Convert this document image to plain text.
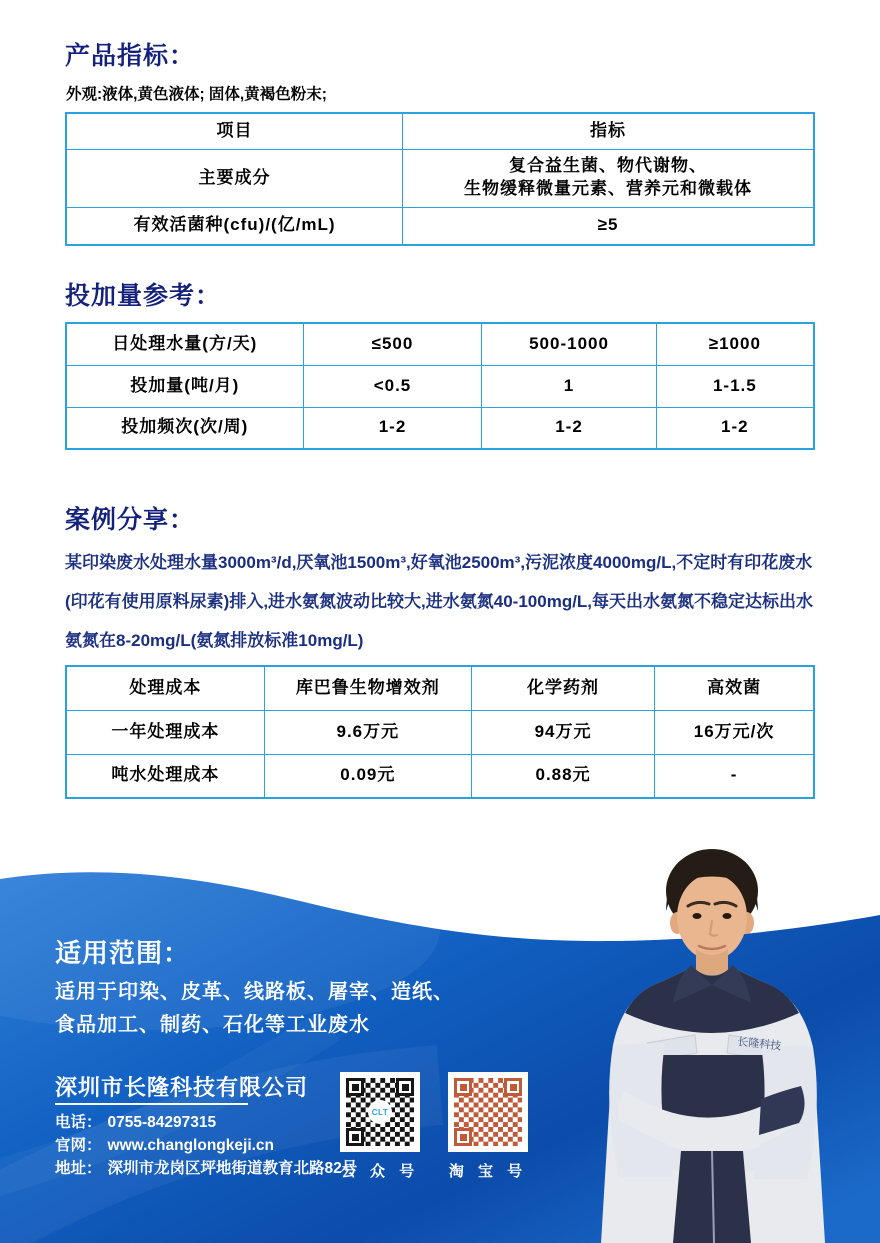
产品指标：
外观:液体,黄色液体; 固体,黄褐色粉末;
项目	指标
主要成分	复合益生菌、物代谢物、
生物缓释微量元素、营养元和微载体

有效活菌种(cfu)/(亿/mL)	≥5
投加量参考：
日处理水量(方/天)	≤500	500-1000	≥1000
投加量(吨/月)	<0.5	1	1-1.5
投加频次(次/周)	1-2	1-2	1-2
案例分享：
某印染废水处理水量3000m³/d,厌氧池1500m³,好氧池2500m³,污泥浓度4000mg/L,不定时有印花废水(印花有使用原料尿素)排入,进水氨氮波动比较大,进水氨氮40-100mg/L,每天出水氨氮不稳定达标出水氨氮在8-20mg/L(氨氮排放标准10mg/L)
处理成本	库巴鲁生物增效剂	化学药剂	高效菌
一年处理成本	9.6万元	94万元	16万元/次
吨水处理成本	0.09元	0.88元	-
长隆科技
适用范围：
适用于印染、皮革、线路板、屠宰、造纸、
食品加工、制药、石化等工业废水
深圳市长隆科技有限公司
电话： 0755-84297315
官网： www.changlongkeji.cn
地址： 深圳市龙岗区坪地街道教育北路82号
CLT
公 众 号	淘 宝 号
